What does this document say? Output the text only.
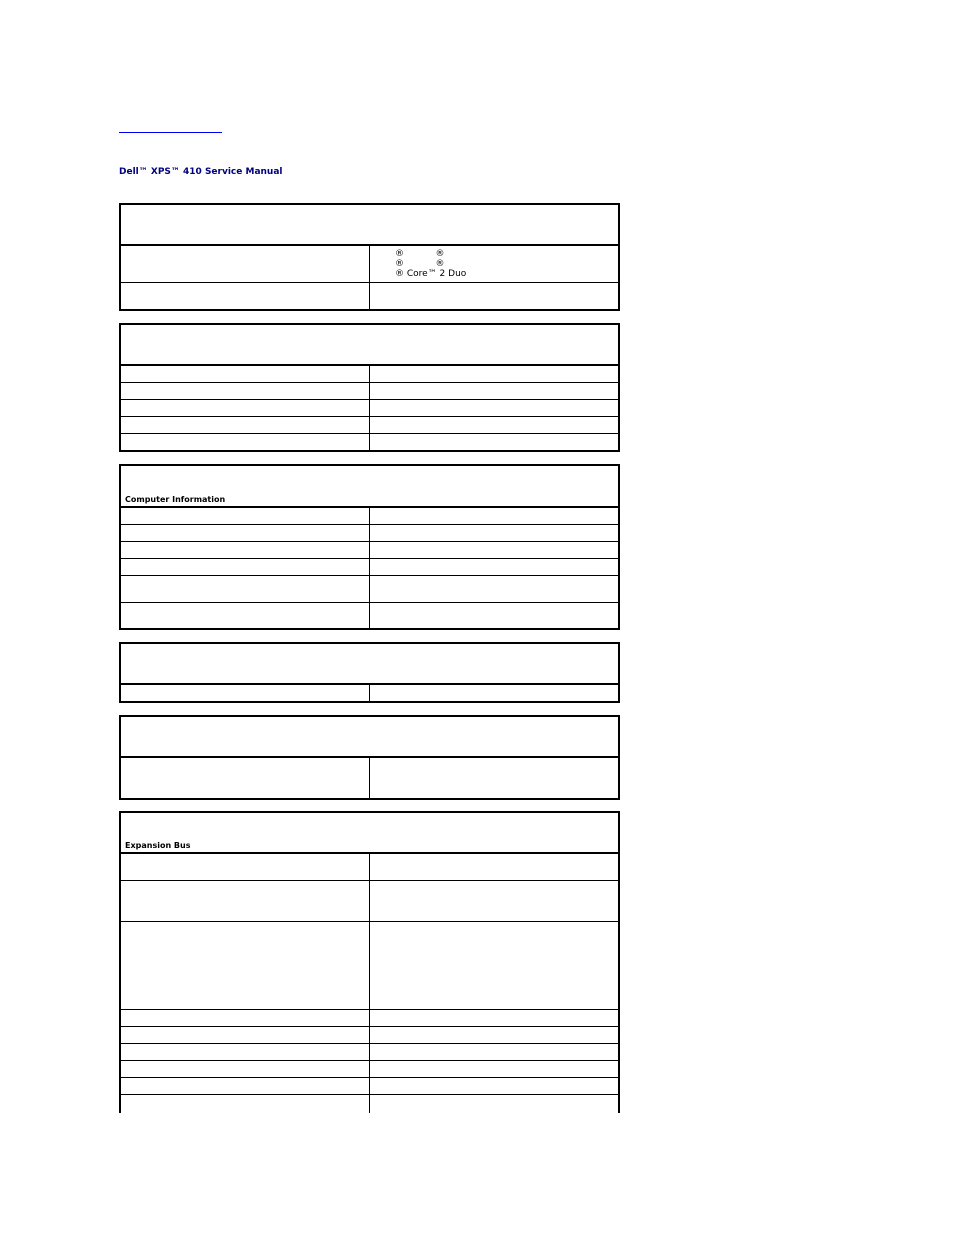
Dell™ XPS™ 410 Service Manual

	®           ®
®           ®
® Core™ 2 Duo

Computer Information	

Expansion Bus	
